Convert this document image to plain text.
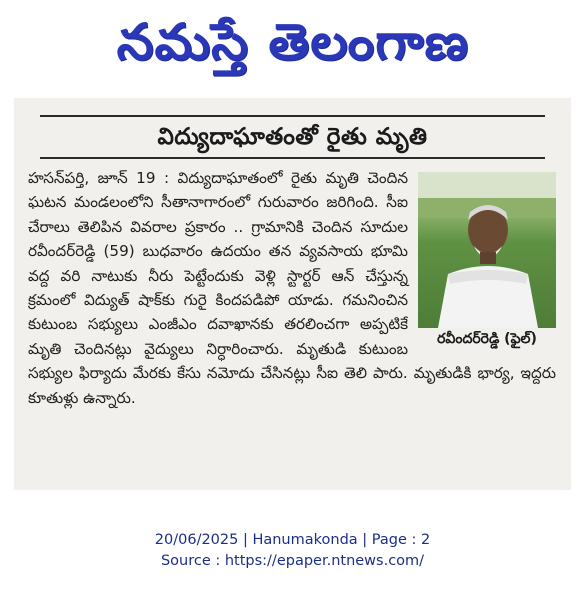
నమస్తే తెలంగాణ
విద్యుదాఘాతంతో రైతు మృతి
రవీందర్‌రెడ్డి (ఫైల్)
హసన్‌పర్తి, జూన్ 19 : విద్యుదాఘాతంలో రైతు మృతి చెందిన ఘటన మండలంలోని సీతానాగారంలో గురువారం జరిగింది. సీఐ చేరాలు తెలిపిన వివరాల ప్రకారం .. గ్రామానికి చెందిన సూదుల రవీందర్‌రెడ్డి (59) బుధవారం ఉదయం తన వ్యవసాయ భూమి వద్ద వరి నాటుకు నీరు పెట్టేందుకు వెళ్లి స్టార్టర్ ఆన్ చేస్తున్న క్రమంలో విద్యుత్ షాక్‌కు గురై కిందపడిపో యాడు. గమనించిన కుటుంబ సభ్యులు ఎంజీఎం దవాఖానకు తరలించగా అప్పటికే మృతి చెందినట్లు వైద్యులు నిర్ధారించారు. మృతుడి కుటుంబ సభ్యుల ఫిర్యాదు మేరకు కేసు నమోదు చేసినట్లు సీఐ తెలి పారు. మృతుడికి భార్య, ఇద్దరు కూతుళ్లు ఉన్నారు.
20/06/2025 | Hanumakonda | Page : 2
Source : https://epaper.ntnews.com/
